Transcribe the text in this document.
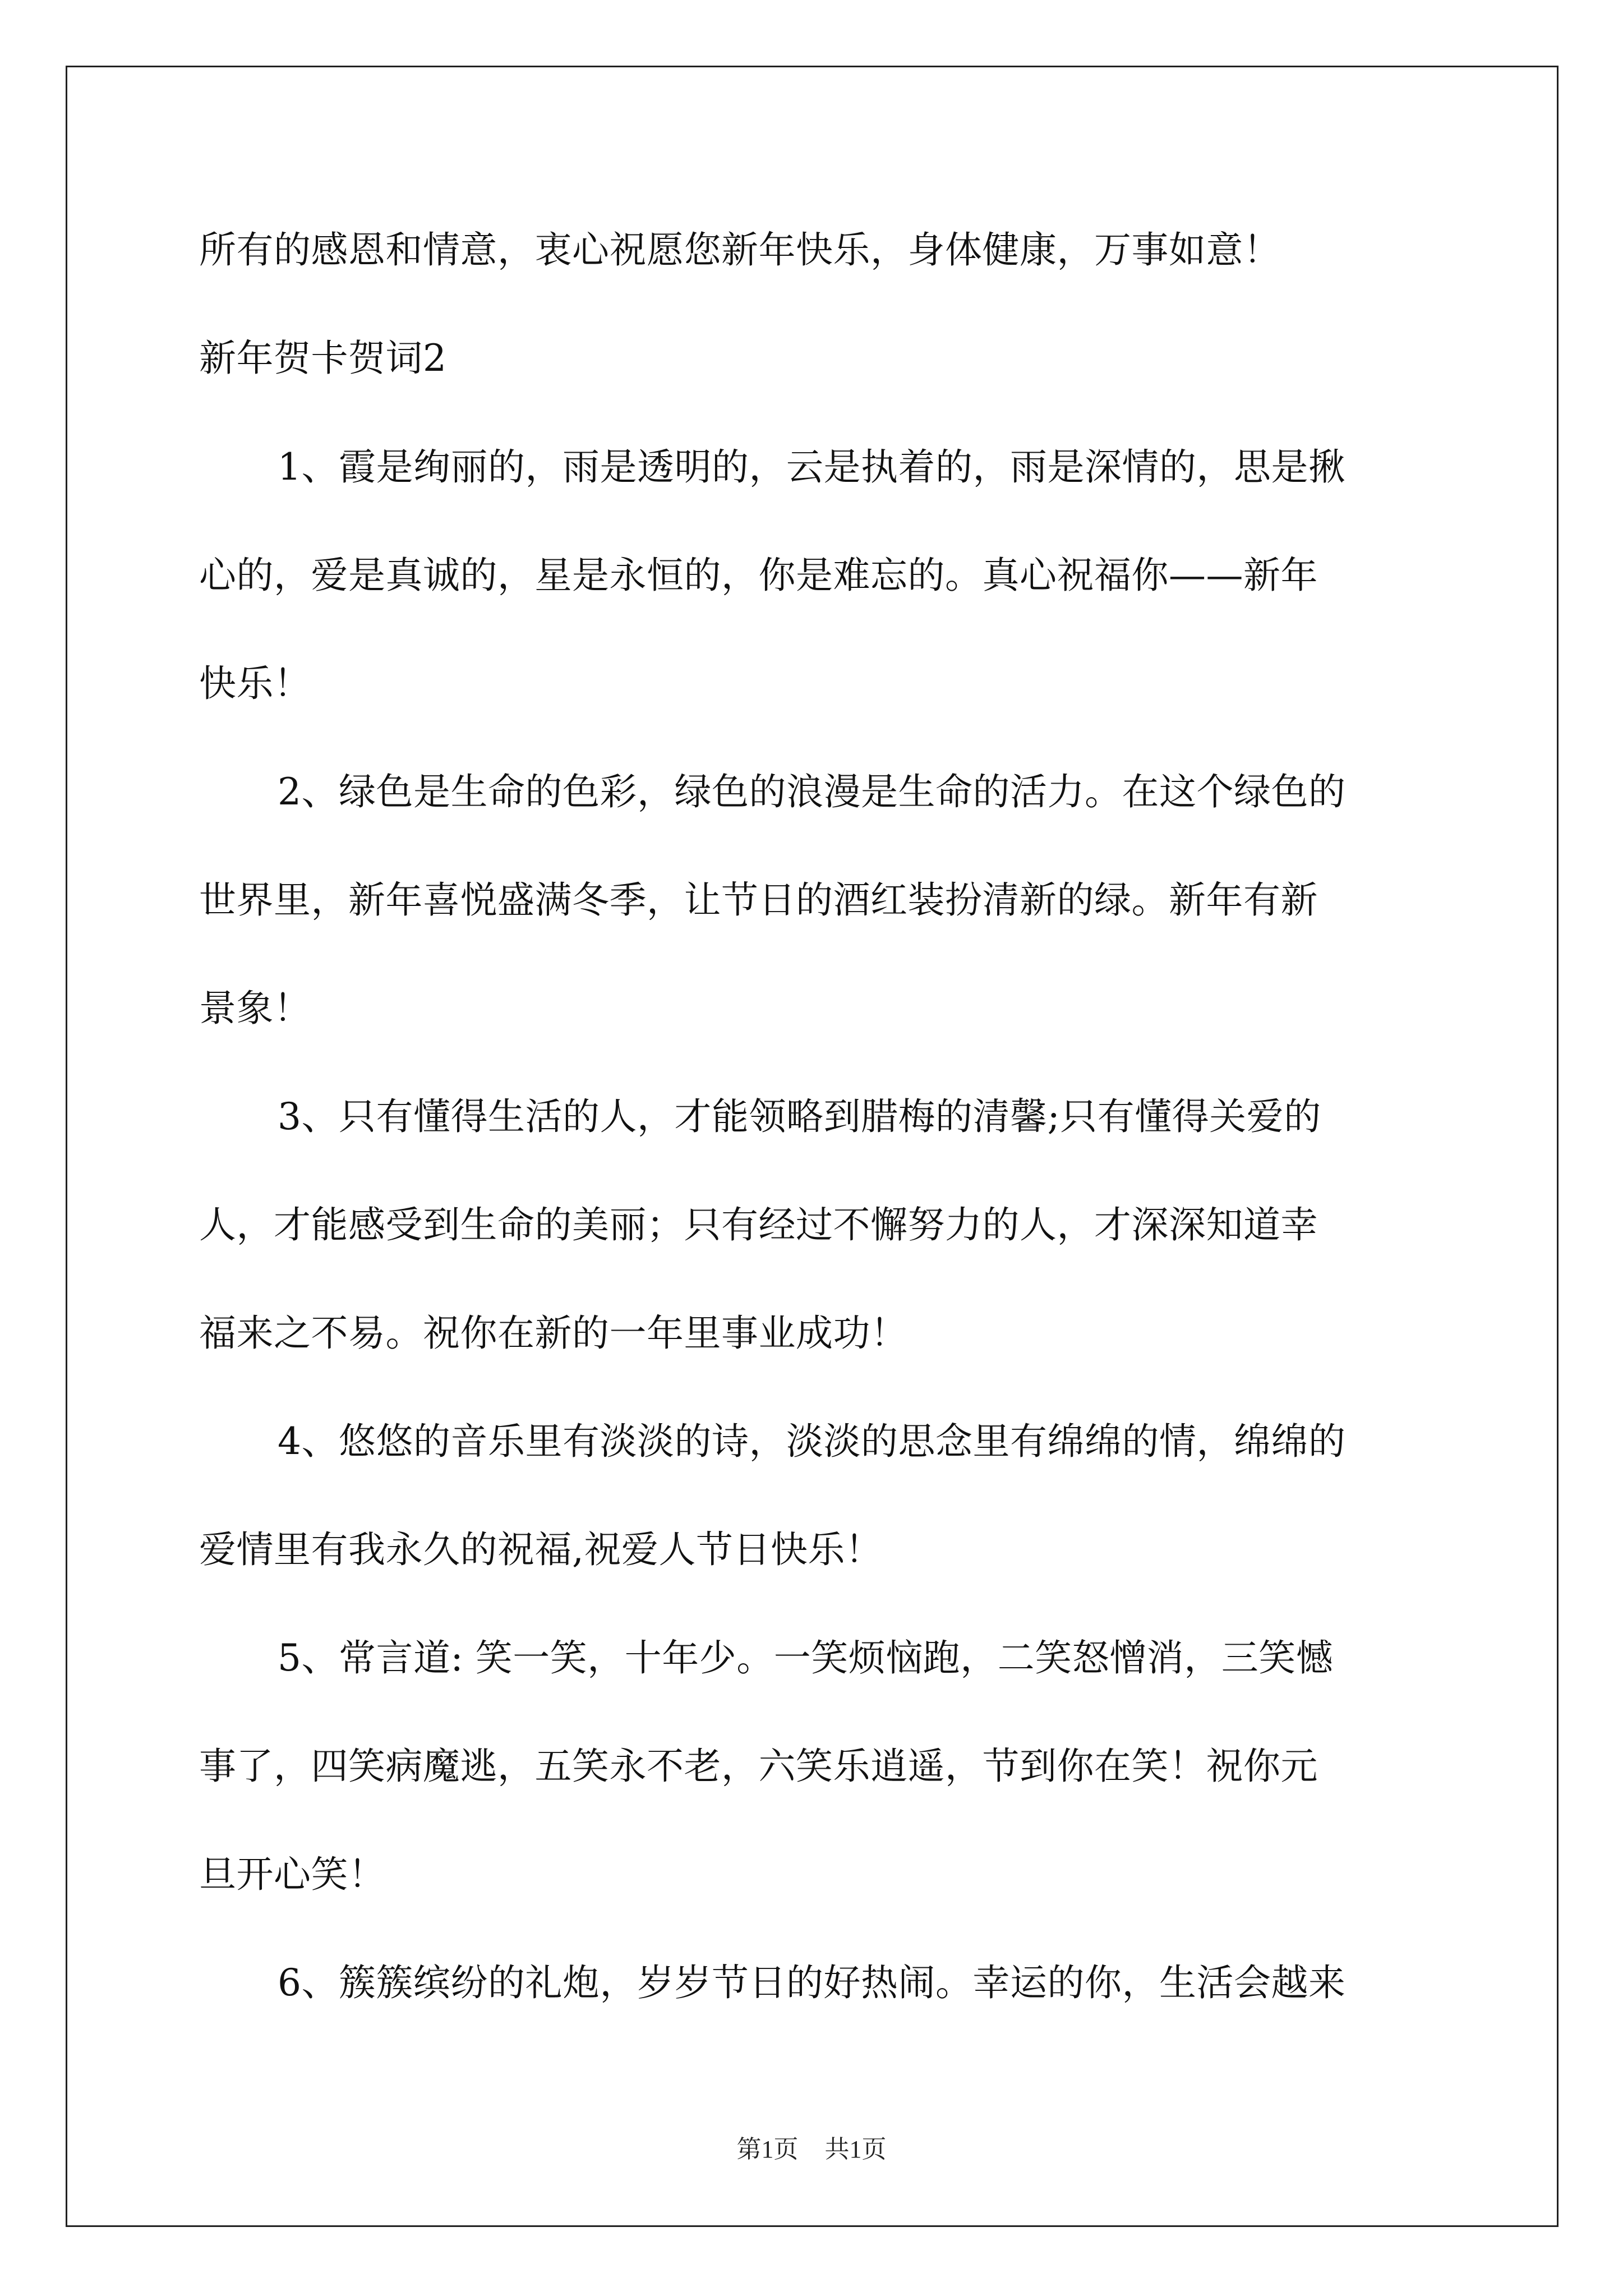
所有的感恩和情意，衷心祝愿您新年快乐，身体健康，万事如意！
新年贺卡贺词2
1、霞是绚丽的，雨是透明的，云是执着的，雨是深情的，思是揪
心的，爱是真诚的，星是永恒的，你是难忘的。真心祝福你——新年
快乐！
2、绿色是生命的色彩，绿色的浪漫是生命的活力。在这个绿色的
世界里，新年喜悦盛满冬季，让节日的酒红装扮清新的绿。新年有新
景象！
3、只有懂得生活的人，才能领略到腊梅的清馨;只有懂得关爱的
人，才能感受到生命的美丽；只有经过不懈努力的人，才深深知道幸
福来之不易。祝你在新的一年里事业成功！
4、悠悠的音乐里有淡淡的诗，淡淡的思念里有绵绵的情，绵绵的
爱情里有我永久的祝福,祝爱人节日快乐！
5、常言道: 笑一笑，十年少。一笑烦恼跑，二笑怒憎消，三笑憾
事了，四笑病魔逃，五笑永不老，六笑乐逍遥，节到你在笑！祝你元
旦开心笑！
6、簇簇缤纷的礼炮，岁岁节日的好热闹。幸运的你，生活会越来
第1页 共1页
